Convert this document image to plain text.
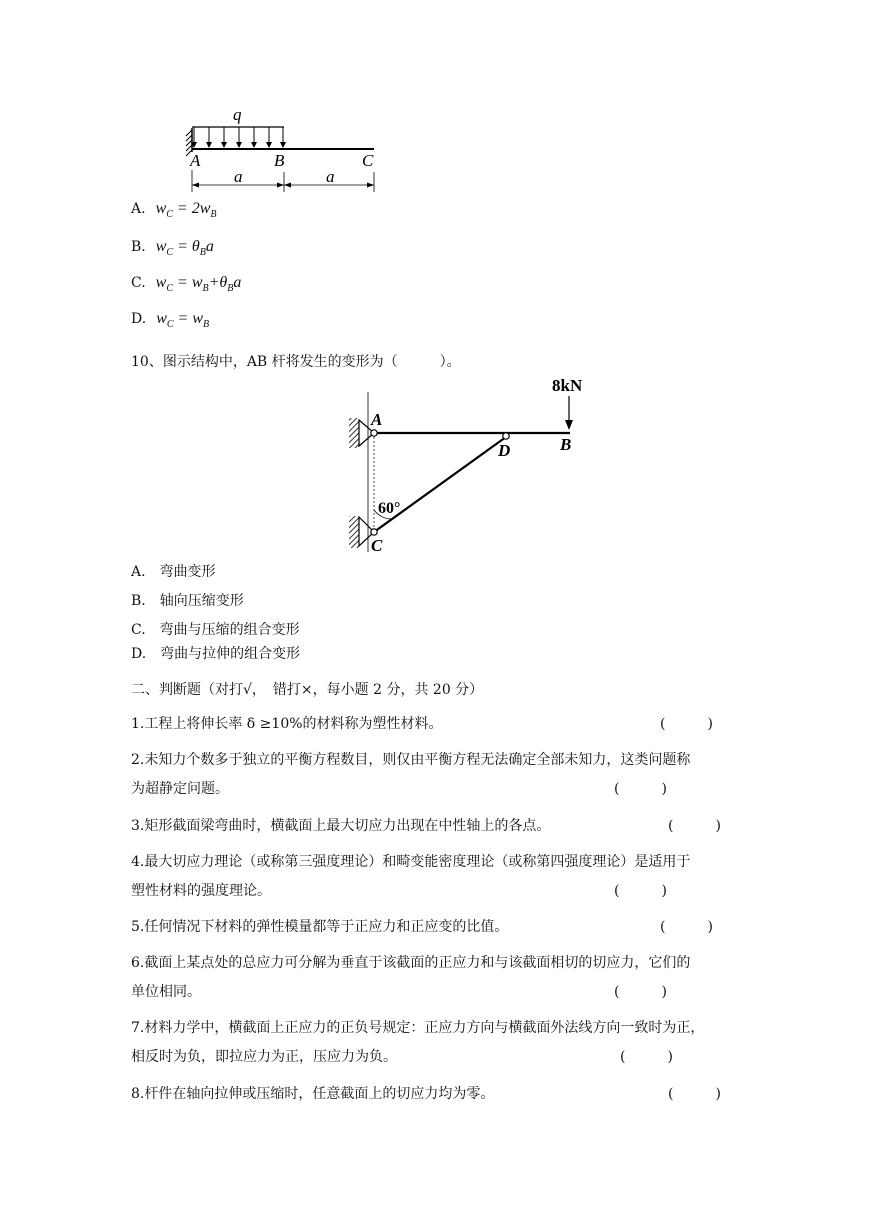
q
A	B	C
a	a
A. $w_C = 2w_B$
B. $w_C = \theta_Ba$
C. $w_C = w_B+\theta_Ba$
D. $w_C = w_B$
10、图示结构中，AB 杆将发生的变形为（　　　）。
8kN
A
B
D
C
60°
A.　弯曲变形
B.　轴向压缩变形
C.　弯曲与压缩的组合变形
D.　弯曲与拉伸的组合变形
二、判断题（对打√，　错打×，每小题 2 分，共 20 分）
1.工程上将伸长率 δ ≥10%的材料称为塑性材料。	(　　　)
2.未知力个数多于独立的平衡方程数目，则仅由平衡方程无法确定全部未知力，这类问题称
为超静定问题。	(　　　)
3.矩形截面梁弯曲时，横截面上最大切应力出现在中性轴上的各点。	(　　　)
4.最大切应力理论（或称第三强度理论）和畸变能密度理论（或称第四强度理论）是适用于
塑性材料的强度理论。	(　　　)
5.任何情况下材料的弹性模量都等于正应力和正应变的比值。	(　　　)
6.截面上某点处的总应力可分解为垂直于该截面的正应力和与该截面相切的切应力，它们的
单位相同。	(　　　)
7.材料力学中，横截面上正应力的正负号规定：正应力方向与横截面外法线方向一致时为正，
相反时为负，即拉应力为正，压应力为负。	(　　　)
8.杆件在轴向拉伸或压缩时，任意截面上的切应力均为零。	(　　　)
